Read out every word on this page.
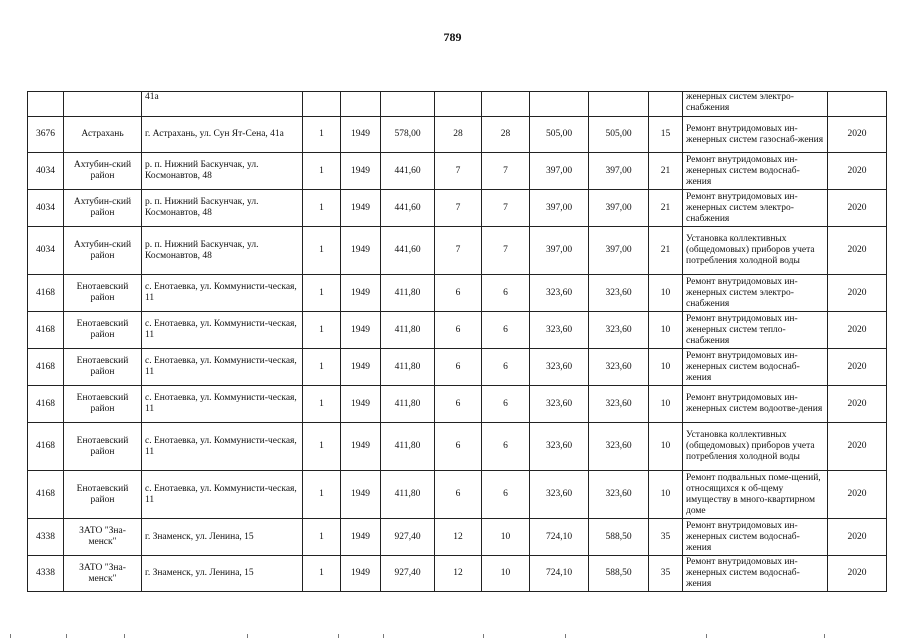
789
		41а									женерных систем электро-снабжения	
3676	Астрахань	г. Астрахань, ул. Сун Ят-Сена, 41а	1	1949	578,00	28	28	505,00	505,00	15	Ремонт внутридомовых ин-женерных систем газоснаб-жения	2020
4034	Ахтубин-ский район	р. п. Нижний Баскунчак, ул. Космонавтов, 48	1	1949	441,60	7	7	397,00	397,00	21	Ремонт внутридомовых ин-женерных систем водоснаб-жения	2020
4034	Ахтубин-ский район	р. п. Нижний Баскунчак, ул. Космонавтов, 48	1	1949	441,60	7	7	397,00	397,00	21	Ремонт внутридомовых ин-женерных систем электро-снабжения	2020
4034	Ахтубин-ский район	р. п. Нижний Баскунчак, ул. Космонавтов, 48	1	1949	441,60	7	7	397,00	397,00	21	Установка коллективных (общедомовых) приборов учета потребления холодной воды	2020
4168	Енотаевский район	с. Енотаевка, ул. Коммунисти-ческая, 11	1	1949	411,80	6	6	323,60	323,60	10	Ремонт внутридомовых ин-женерных систем электро-снабжения	2020
4168	Енотаевский район	с. Енотаевка, ул. Коммунисти-ческая, 11	1	1949	411,80	6	6	323,60	323,60	10	Ремонт внутридомовых ин-женерных систем тепло-снабжения	2020
4168	Енотаевский район	с. Енотаевка, ул. Коммунисти-ческая, 11	1	1949	411,80	6	6	323,60	323,60	10	Ремонт внутридомовых ин-женерных систем водоснаб-жения	2020
4168	Енотаевский район	с. Енотаевка, ул. Коммунисти-ческая, 11	1	1949	411,80	6	6	323,60	323,60	10	Ремонт внутридомовых ин-женерных систем водоотве-дения	2020
4168	Енотаевский район	с. Енотаевка, ул. Коммунисти-ческая, 11	1	1949	411,80	6	6	323,60	323,60	10	Установка коллективных (общедомовых) приборов учета потребления холодной воды	2020
4168	Енотаевский район	с. Енотаевка, ул. Коммунисти-ческая, 11	1	1949	411,80	6	6	323,60	323,60	10	Ремонт подвальных поме-щений, относящихся к об-щему имуществу в много-квартирном доме	2020
4338	ЗАТО "Зна-менск"	г. Знаменск, ул. Ленина, 15	1	1949	927,40	12	10	724,10	588,50	35	Ремонт внутридомовых ин-женерных систем водоснаб-жения	2020
4338	ЗАТО "Зна-менск"	г. Знаменск, ул. Ленина, 15	1	1949	927,40	12	10	724,10	588,50	35	Ремонт внутридомовых ин-женерных систем водоснаб-жения	2020
